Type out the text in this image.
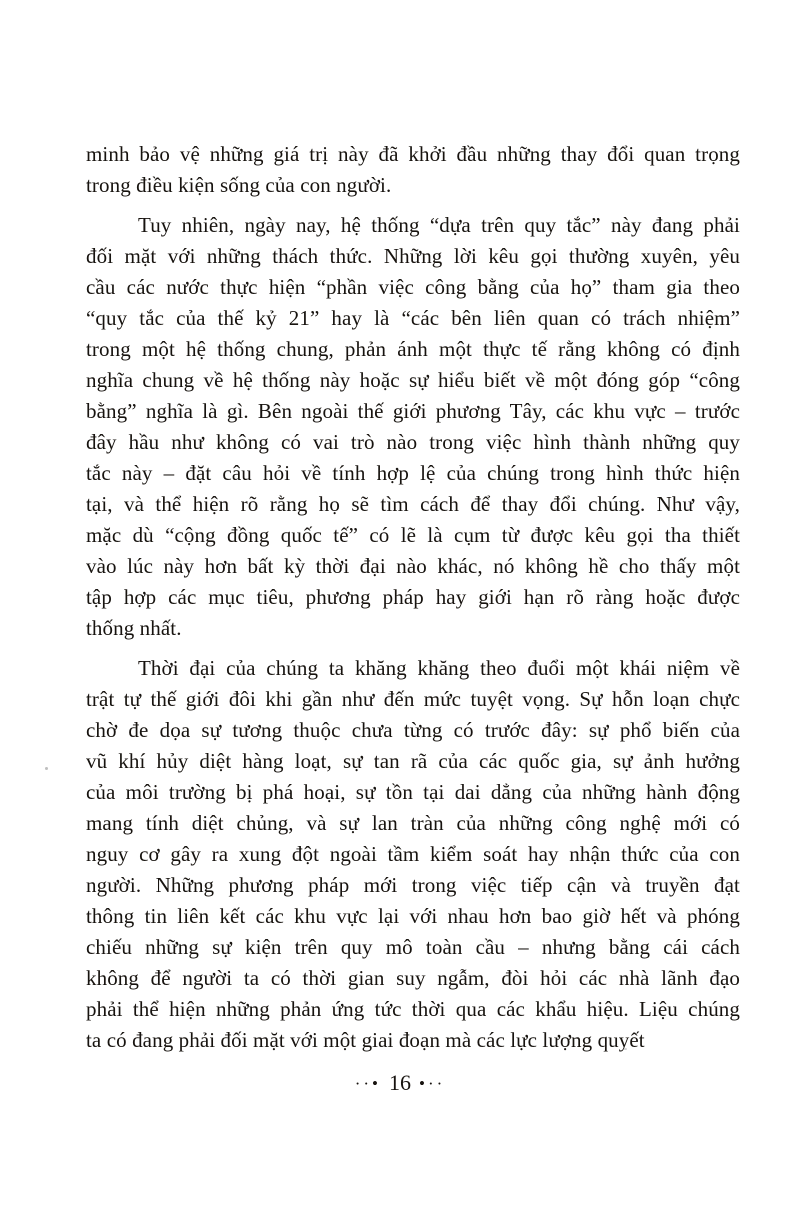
minh bảo vệ những giá trị này đã khởi đầu những thay đổi quan trọng
trong điều kiện sống của con người.
Tuy nhiên, ngày nay, hệ thống “dựa trên quy tắc” này đang phải
đối mặt với những thách thức. Những lời kêu gọi thường xuyên, yêu
cầu các nước thực hiện “phần việc công bằng của họ” tham gia theo
“quy tắc của thế kỷ 21” hay là “các bên liên quan có trách nhiệm”
trong một hệ thống chung, phản ánh một thực tế rằng không có định
nghĩa chung về hệ thống này hoặc sự hiểu biết về một đóng góp “công
bằng” nghĩa là gì. Bên ngoài thế giới phương Tây, các khu vực – trước
đây hầu như không có vai trò nào trong việc hình thành những quy
tắc này – đặt câu hỏi về tính hợp lệ của chúng trong hình thức hiện
tại, và thể hiện rõ rằng họ sẽ tìm cách để thay đổi chúng. Như vậy,
mặc dù “cộng đồng quốc tế” có lẽ là cụm từ được kêu gọi tha thiết
vào lúc này hơn bất kỳ thời đại nào khác, nó không hề cho thấy một
tập hợp các mục tiêu, phương pháp hay giới hạn rõ ràng hoặc được
thống nhất.
Thời đại của chúng ta khăng khăng theo đuổi một khái niệm về
trật tự thế giới đôi khi gần như đến mức tuyệt vọng. Sự hỗn loạn chực
chờ đe dọa sự tương thuộc chưa từng có trước đây: sự phổ biến của
vũ khí hủy diệt hàng loạt, sự tan rã của các quốc gia, sự ảnh hưởng
của môi trường bị phá hoại, sự tồn tại dai dẳng của những hành động
mang tính diệt chủng, và sự lan tràn của những công nghệ mới có
nguy cơ gây ra xung đột ngoài tầm kiểm soát hay nhận thức của con
người. Những phương pháp mới trong việc tiếp cận và truyền đạt
thông tin liên kết các khu vực lại với nhau hơn bao giờ hết và phóng
chiếu những sự kiện trên quy mô toàn cầu – nhưng bằng cái cách
không để người ta có thời gian suy ngẫm, đòi hỏi các nhà lãnh đạo
phải thể hiện những phản ứng tức thời qua các khẩu hiệu. Liệu chúng
ta có đang phải đối mặt với một giai đoạn mà các lực lượng quyết
··• 16 •··
